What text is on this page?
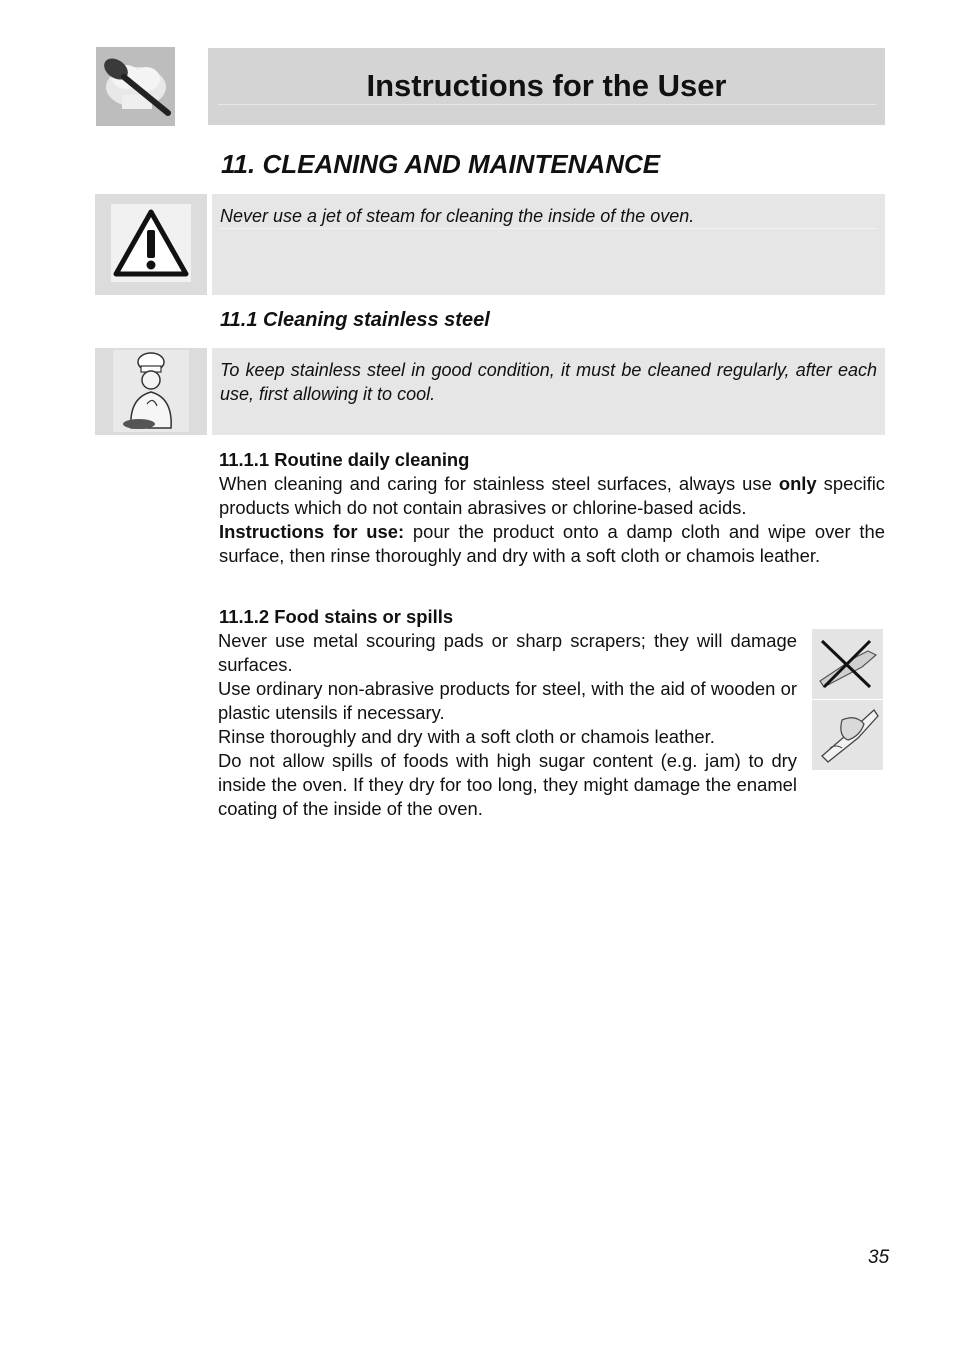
Instructions for the User
11. CLEANING AND MAINTENANCE
Never use a jet of steam for cleaning the inside of the oven.
11.1 Cleaning stainless steel
To keep stainless steel in good condition, it must be cleaned regularly, after each use, first allowing it to cool.
11.1.1 Routine daily cleaning
When cleaning and caring for stainless steel surfaces, always use only specific products which do not contain abrasives or chlorine-based acids.
Instructions for use: pour the product onto a damp cloth and wipe over the surface, then rinse thoroughly and dry with a soft cloth or chamois leather.
11.1.2 Food stains or spills
Never use metal scouring pads or sharp scrapers; they will damage surfaces.
Use ordinary non-abrasive products for steel, with the aid of wooden or plastic utensils if necessary.
Rinse thoroughly and dry with a soft cloth or chamois leather.
Do not allow spills of foods with high sugar content (e.g. jam) to dry inside the oven. If they dry for too long, they might damage the enamel coating of the inside of the oven.
35
